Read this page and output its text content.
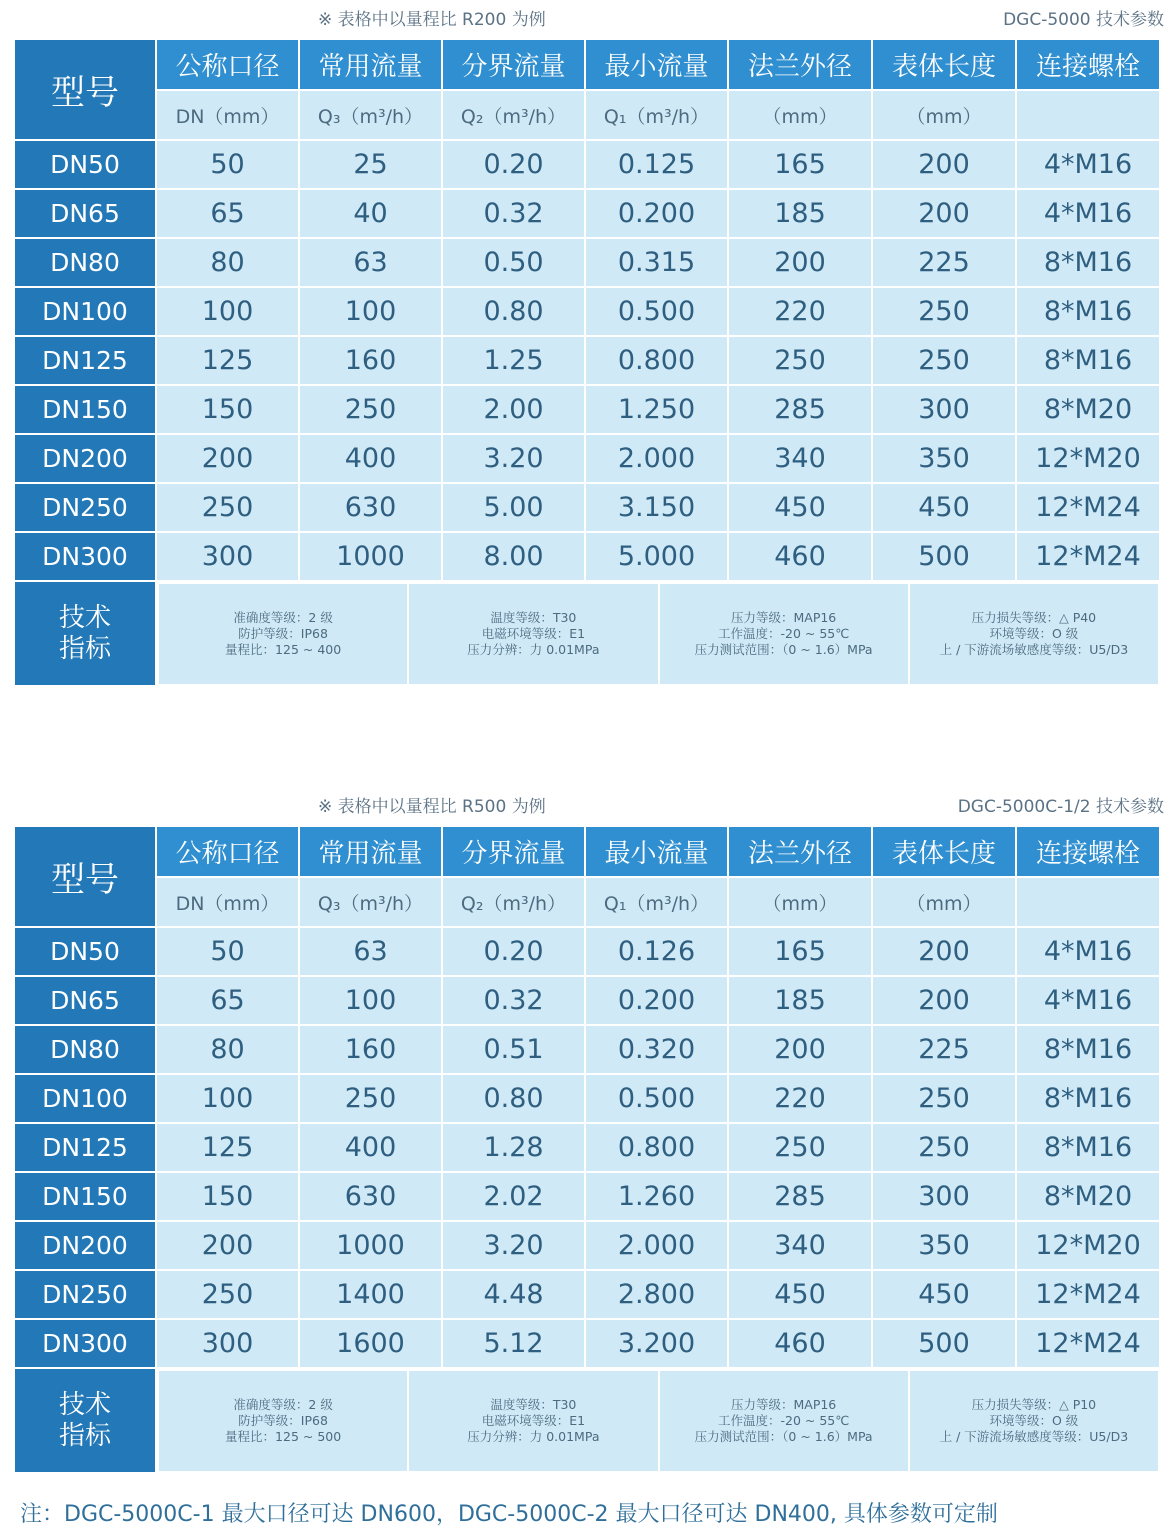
※ 表格中以量程比 R200 为例	DGC-5000 技术参数
型号	公称口径	常用流量	分界流量	最小流量	法兰外径	表体长度	连接螺栓
DN（mm）	Q₃（m³/h）	Q₂（m³/h）	Q₁（m³/h）	（mm）	（mm）	
DN50	50	25	0.20	0.125	165	200	4*M16
DN65	65	40	0.32	0.200	185	200	4*M16
DN80	80	63	0.50	0.315	200	225	8*M16
DN100	100	100	0.80	0.500	220	250	8*M16
DN125	125	160	1.25	0.800	250	250	8*M16
DN150	150	250	2.00	1.250	285	300	8*M20
DN200	200	400	3.20	2.000	340	350	12*M20
DN250	250	630	5.00	3.150	450	450	12*M24
DN300	300	1000	8.00	5.000	460	500	12*M24

技术
指标

准确度等级：2 级
防护等级：IP68
量程比：125 ~ 400

温度等级：T30
电磁环境等级：E1
压力分辨：力 0.01MPa

压力等级：MAP16
工作温度：-20 ~ 55℃
压力测试范围：（0 ~ 1.6）MPa

压力损失等级：△ P40
环境等级：O 级
上 / 下游流场敏感度等级：U5/D3
※ 表格中以量程比 R500 为例	DGC-5000C-1/2 技术参数
型号	公称口径	常用流量	分界流量	最小流量	法兰外径	表体长度	连接螺栓
DN（mm）	Q₃（m³/h）	Q₂（m³/h）	Q₁（m³/h）	（mm）	（mm）	
DN50	50	63	0.20	0.126	165	200	4*M16
DN65	65	100	0.32	0.200	185	200	4*M16
DN80	80	160	0.51	0.320	200	225	8*M16
DN100	100	250	0.80	0.500	220	250	8*M16
DN125	125	400	1.28	0.800	250	250	8*M16
DN150	150	630	2.02	1.260	285	300	8*M20
DN200	200	1000	3.20	2.000	340	350	12*M20
DN250	250	1400	4.48	2.800	450	450	12*M24
DN300	300	1600	5.12	3.200	460	500	12*M24

技术
指标

准确度等级：2 级
防护等级：IP68
量程比：125 ~ 500

温度等级：T30
电磁环境等级：E1
压力分辨：力 0.01MPa

压力等级：MAP16
工作温度：-20 ~ 55℃
压力测试范围：（0 ~ 1.6）MPa

压力损失等级：△ P10
环境等级：O 级
上 / 下游流场敏感度等级：U5/D3
注：DGC-5000C-1 最大口径可达 DN600，DGC-5000C-2 最大口径可达 DN400, 具体参数可定制
